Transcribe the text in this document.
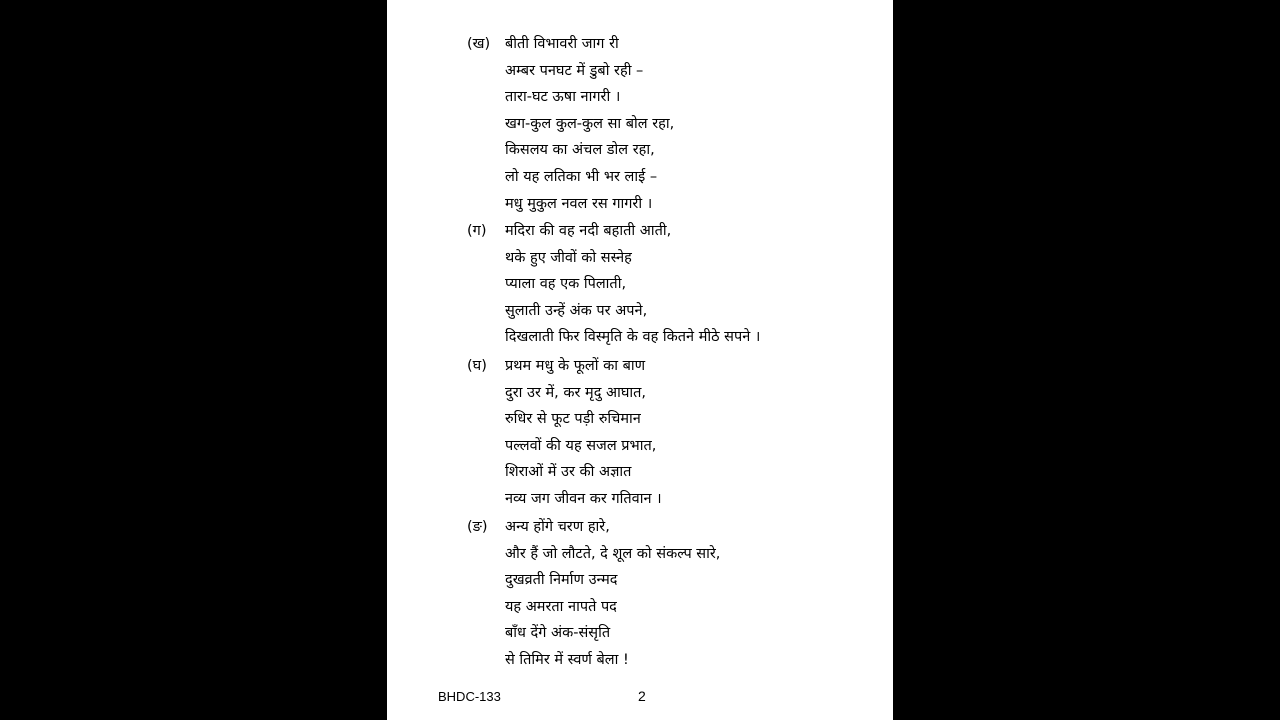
(ख) बीती विभावरी जाग री
अम्बर पनघट में डुबो रही –
तारा-घट ऊषा नागरी ।
खग-कुल कुल-कुल सा बोल रहा,
किसलय का अंचल डोल रहा,
लो यह लतिका भी भर लाई –
मधु मुकुल नवल रस गागरी ।
(ग) मदिरा की वह नदी बहाती आती,
थके हुए जीवों को सस्नेह
प्याला वह एक पिलाती,
सुलाती उन्हें अंक पर अपने,
दिखलाती फिर विस्मृति के वह कितने मीठे सपने ।
(घ) प्रथम मधु के फूलों का बाण
दुरा उर में, कर मृदु आघात,
रुधिर से फूट पड़ी रुचिमान
पल्लवों की यह सजल प्रभात,
शिराओं में उर की अज्ञात
नव्य जग जीवन कर गतिवान ।
(ङ) अन्य होंगे चरण हारे,
और हैं जो लौटते, दे शूल को संकल्प सारे,
दुखव्रती निर्माण उन्मद
यह अमरता नापते पद
बाँध देंगे अंक-संसृति
से तिमिर में स्वर्ण बेला !
BHDC-133	2
